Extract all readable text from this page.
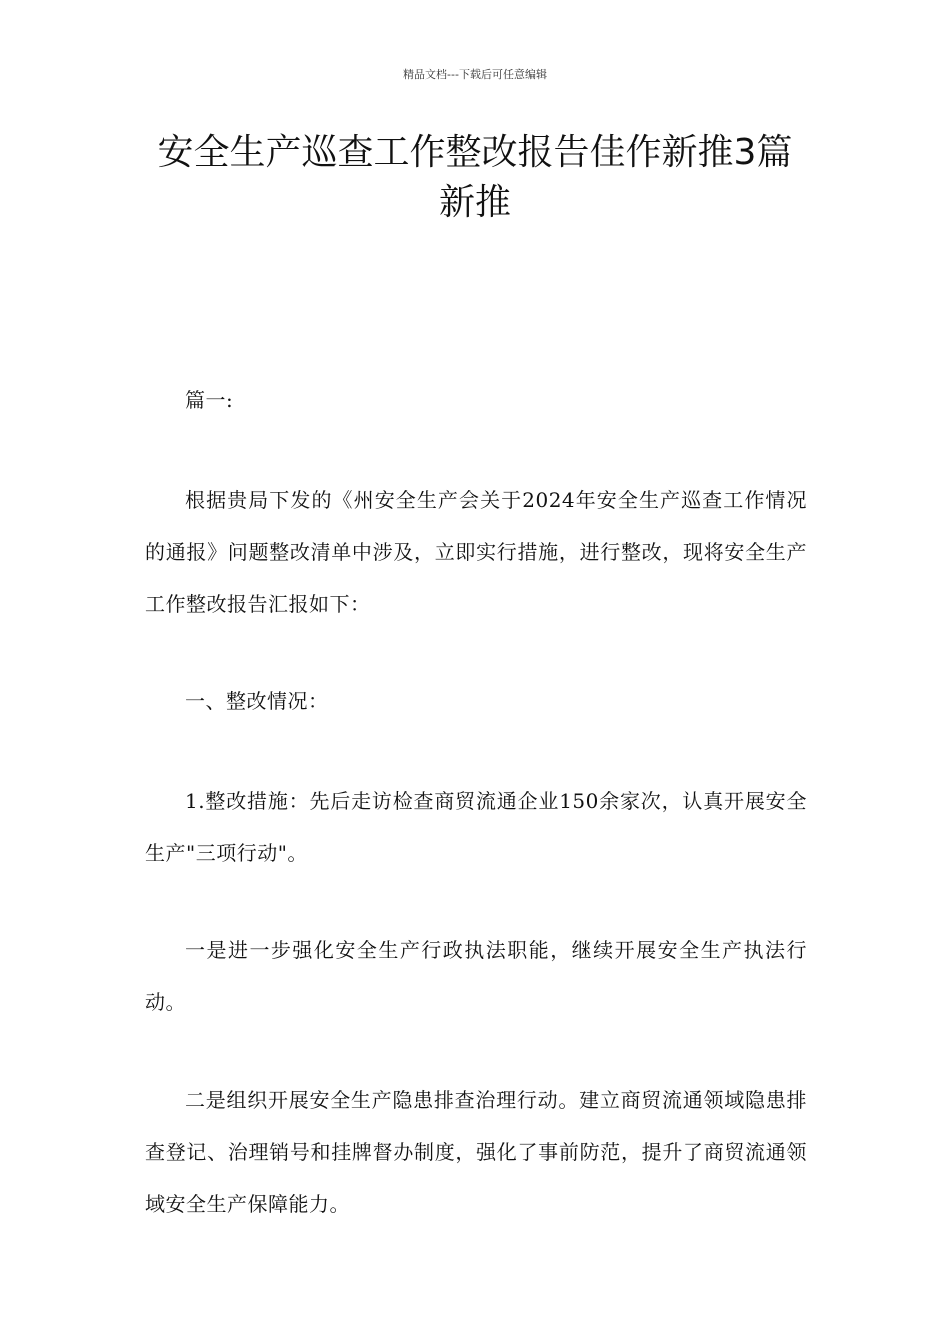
精品文档---下载后可任意编辑
安全生产巡查工作整改报告佳作新推3篇新推

篇一:

根据贵局下发的《州安全生产会关于2024年安全生产巡查工作情况的通报》问题整改清单中涉及，立即实行措施，进行整改，现将安全生产工作整改报告汇报如下：

一、整改情况：

1.整改措施：先后走访检查商贸流通企业150余家次，认真开展安全生产"三项行动"。

一是进一步强化安全生产行政执法职能，继续开展安全生产执法行动。

二是组织开展安全生产隐患排查治理行动。建立商贸流通领域隐患排查登记、治理销号和挂牌督办制度，强化了事前防范，提升了商贸流通领域安全生产保障能力。
